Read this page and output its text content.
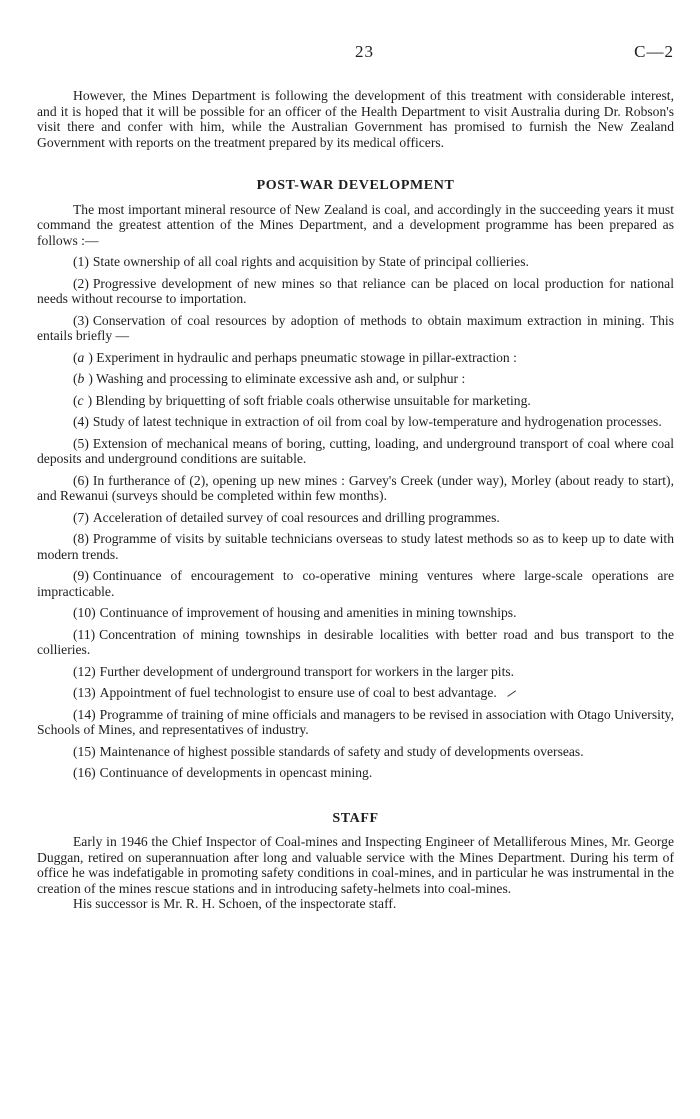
23	C—2

However, the Mines Department is following the development of this treatment with considerable interest, and it is hoped that it will be possible for an officer of the Health Department to visit Australia during Dr. Robson's visit there and confer with him, while the Australian Government has promised to furnish the New Zealand Government with reports on the treatment prepared by its medical officers.

POST-WAR DEVELOPMENT

The most important mineral resource of New Zealand is coal, and accordingly in the succeeding years it must command the greatest attention of the Mines Department, and a development programme has been prepared as follows :—

(1) State ownership of all coal rights and acquisition by State of principal collieries.

(2) Progressive development of new mines so that reliance can be placed on local production for national needs without recourse to importation.

(3) Conservation of coal resources by adoption of methods to obtain maximum extraction in mining. This entails briefly —

(a ) Experiment in hydraulic and perhaps pneumatic stowage in pillar-extraction :

(b ) Washing and processing to eliminate excessive ash and, or sulphur :

(c ) Blending by briquetting of soft friable coals otherwise unsuitable for marketing.

(4) Study of latest technique in extraction of oil from coal by low-temperature and hydrogenation processes.

(5) Extension of mechanical means of boring, cutting, loading, and underground transport of coal where coal deposits and underground conditions are suitable.

(6) In furtherance of (2), opening up new mines : Garvey's Creek (under way), Morley (about ready to start), and Rewanui (surveys should be completed within few months).

(7) Acceleration of detailed survey of coal resources and drilling programmes.

(8) Programme of visits by suitable technicians overseas to study latest methods so as to keep up to date with modern trends.

(9) Continuance of encouragement to co-operative mining ventures where large-scale operations are impracticable.

(10) Continuance of improvement of housing and amenities in mining townships.

(11) Concentration of mining townships in desirable localities with better road and bus transport to the collieries.

(12) Further development of underground transport for workers in the larger pits.

(13) Appointment of fuel technologist to ensure use of coal to best advantage.

(14) Programme of training of mine officials and managers to be revised in association with Otago University, Schools of Mines, and representatives of industry.

(15) Maintenance of highest possible standards of safety and study of developments overseas.

(16) Continuance of developments in opencast mining.

STAFF

Early in 1946 the Chief Inspector of Coal-mines and Inspecting Engineer of Metalliferous Mines, Mr. George Duggan, retired on superannuation after long and valuable service with the Mines Department. During his term of office he was indefatigable in promoting safety conditions in coal-mines, and in particular he was instrumental in the creation of the mines rescue stations and in introducing safety-helmets into coal-mines.

His successor is Mr. R. H. Schoen, of the inspectorate staff.
